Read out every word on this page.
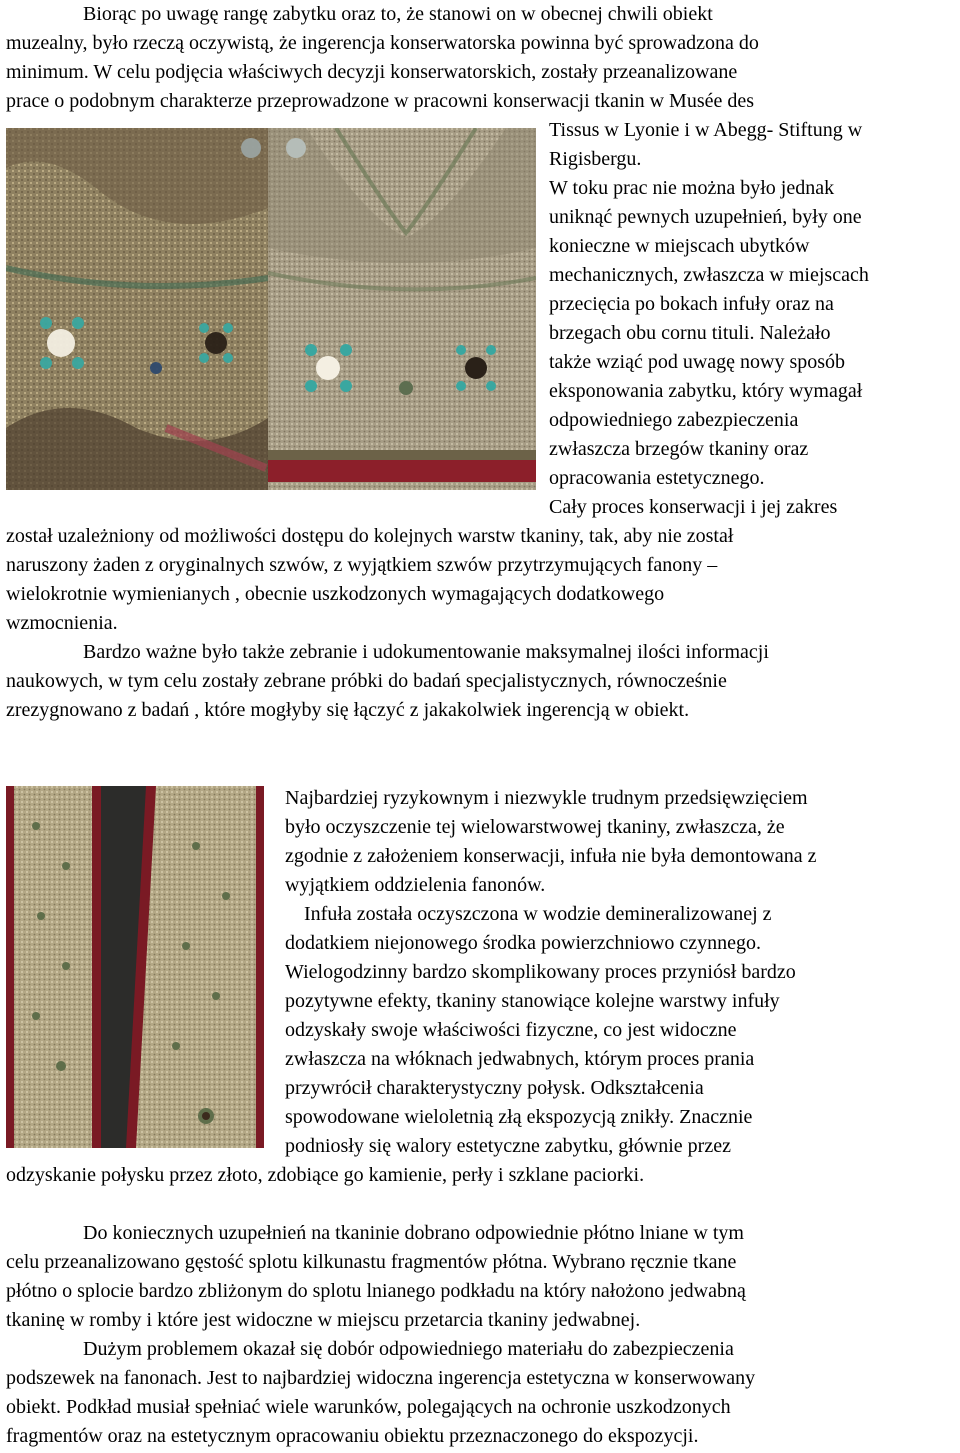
Biorąc po uwagę rangę zabytku oraz to, że stanowi on w obecnej chwili obiekt

muzealny, było rzeczą oczywistą, że ingerencja konserwatorska powinna być sprowadzona do

minimum. W celu podjęcia właściwych decyzji konserwatorskich, zostały przeanalizowane

prace o podobnym charakterze przeprowadzone w pracowni konserwacji tkanin w Musée des

Tissus w Lyonie i w Abegg- Stiftung w

Rigisbergu.

W toku prac nie można było jednak

uniknąć pewnych uzupełnień, były one

konieczne w miejscach ubytków

mechanicznych, zwłaszcza w miejscach

przecięcia po bokach infuły oraz na

brzegach obu cornu tituli. Należało

także wziąć pod uwagę nowy sposób

eksponowania zabytku, który wymagał

odpowiedniego zabezpieczenia

zwłaszcza brzegów tkaniny oraz

opracowania estetycznego.

Cały proces konserwacji i jej zakres

został uzależniony od możliwości dostępu do kolejnych warstw tkaniny, tak, aby nie został

naruszony żaden z oryginalnych szwów, z wyjątkiem szwów przytrzymujących fanony –

wielokrotnie wymienianych , obecnie uszkodzonych wymagających dodatkowego

wzmocnienia.

Bardzo ważne było także zebranie i udokumentowanie maksymalnej ilości informacji

naukowych, w tym celu zostały zebrane próbki do badań specjalistycznych, równocześnie

zrezygnowano z badań , które mogłyby się łączyć z jakakolwiek ingerencją w obiekt.

Najbardziej ryzykownym i niezwykle trudnym przedsięwzięciem

było oczyszczenie tej wielowarstwowej tkaniny, zwłaszcza, że

zgodnie z założeniem konserwacji, infuła nie była demontowana z

wyjątkiem oddzielenia fanonów.

Infuła została oczyszczona w wodzie demineralizowanej z

dodatkiem niejonowego środka powierzchniowo czynnego.

Wielogodzinny bardzo skomplikowany proces przyniósł bardzo

pozytywne efekty, tkaniny stanowiące kolejne warstwy infuły

odzyskały swoje właściwości fizyczne, co jest widoczne

zwłaszcza na włóknach jedwabnych, którym proces prania

przywrócił charakterystyczny połysk. Odkształcenia

spowodowane wieloletnią złą ekspozycją znikły. Znacznie

podniosły się walory estetyczne zabytku, głównie przez

odzyskanie połysku przez złoto, zdobiące go kamienie, perły i szklane paciorki.

Do koniecznych uzupełnień na tkaninie dobrano odpowiednie płótno lniane w tym

celu przeanalizowano gęstość splotu kilkunastu fragmentów płótna. Wybrano ręcznie tkane

płótno o splocie bardzo zbliżonym do splotu lnianego podkładu na który nałożono jedwabną

tkaninę w romby i które jest widoczne w miejscu przetarcia tkaniny jedwabnej.

Dużym problemem okazał się dobór odpowiedniego materiału do zabezpieczenia

podszewek na fanonach. Jest to najbardziej widoczna ingerencja estetyczna w konserwowany

obiekt. Podkład musiał spełniać wiele warunków, polegających na ochronie uszkodzonych

fragmentów oraz na estetycznym opracowaniu obiektu przeznaczonego do ekspozycji.
